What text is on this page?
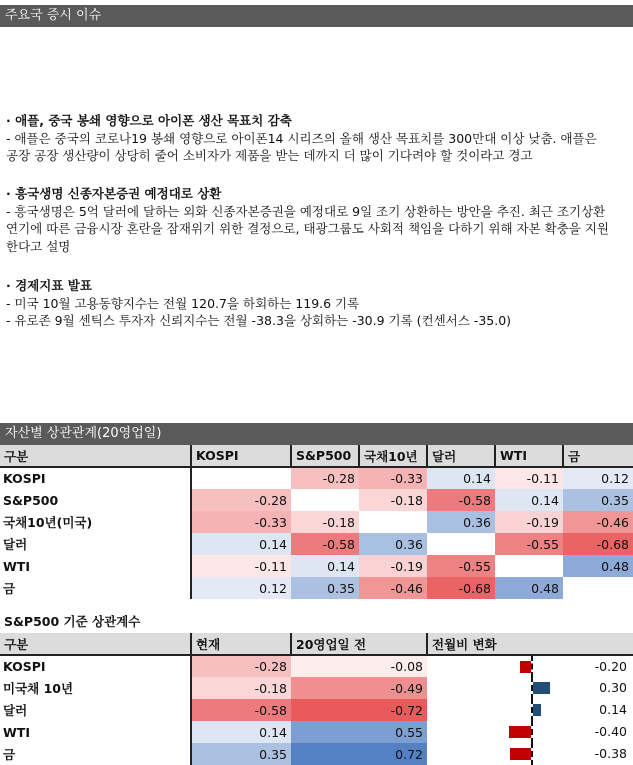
주요국 증시 이슈
· 애플, 중국 봉쇄 영향으로 아이폰 생산 목표치 감축
- 애플은 중국의 코로나19 봉쇄 영향으로 아이폰14 시리즈의 올해 생산 목표치를 300만대 이상 낮춤. 애플은
공장 공장 생산량이 상당히 줄어 소비자가 제품을 받는 데까지 더 많이 기다려야 할 것이라고 경고
· 흥국생명 신종자본증권 예정대로 상환
- 흥국생명은 5억 달러에 달하는 외화 신종자본증권을 예정대로 9일 조기 상환하는 방안을 추진. 최근 조기상환
연기에 따른 금융시장 혼란을 잠재위기 위한 결정으로, 태광그룹도 사회적 책임을 다하기 위해 자본 확충을 지원
한다고 설명
· 경제지표 발표
- 미국 10월 고용동향지수는 전월 120.7을 하회하는 119.6 기록
- 유로존 9월 센틱스 투자자 신뢰지수는 전월 -38.3을 상회하는 -30.9 기록 (컨센서스 -35.0)
자산별 상관관계(20영업일)
구분	KOSPI	S&P500	국채10년	달러	WTI	금
KOSPI		-0.28	-0.33	0.14	-0.11	0.12
S&P500	-0.28		-0.18	-0.58	0.14	0.35
국채10년(미국)	-0.33	-0.18		0.36	-0.19	-0.46
달러	0.14	-0.58	0.36		-0.55	-0.68
WTI	-0.11	0.14	-0.19	-0.55		0.48
금	0.12	0.35	-0.46	-0.68	0.48	
S&P500 기준 상관계수
구분	현재	20영업일 전	전월비 변화
KOSPI	-0.28	-0.08	-0.20

미국채 10년	-0.18	-0.49	0.30

달러	-0.58	-0.72	0.14

WTI	0.14	0.55	-0.40

금	0.35	0.72	-0.38
